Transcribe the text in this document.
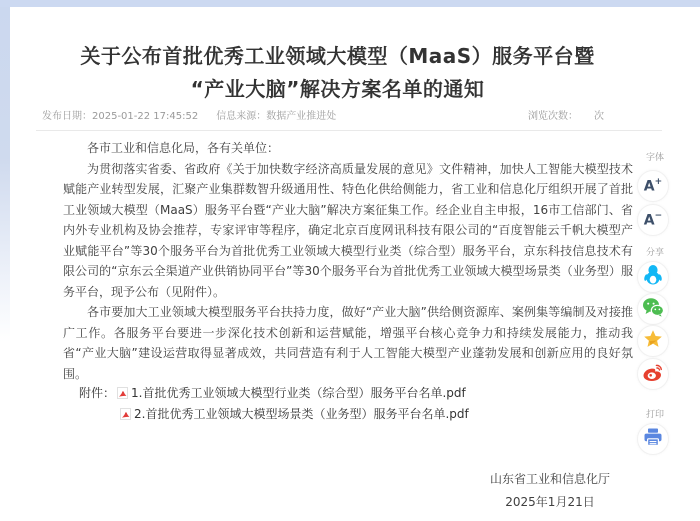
关于公布首批优秀工业领域大模型（MaaS）服务平台暨
“产业大脑”解决方案名单的通知
发布日期：2025-01-22 17:45:52 信息来源：数据产业推进处	浏览次数： 次

各市工业和信息化局，各有关单位：

为贯彻落实省委、省政府《关于加快数字经济高质量发展的意见》文件精神，加快人工智能大模型技术赋能产业转型发展，汇聚产业集群数智升级通用性、特色化供给侧能力，省工业和信息化厅组织开展了首批工业领域大模型（MaaS）服务平台暨“产业大脑”解决方案征集工作。经企业自主申报，16市工信部门、省内外专业机构及协会推荐，专家评审等程序，确定北京百度网讯科技有限公司的“百度智能云千帆大模型产业赋能平台”等30个服务平台为首批优秀工业领域大模型行业类（综合型）服务平台，京东科技信息技术有限公司的“京东云全渠道产业供销协同平台”等30个服务平台为首批优秀工业领域大模型场景类（业务型）服务平台，现予公布（见附件）。

各市要加大工业领域大模型服务平台扶持力度，做好“产业大脑”供给侧资源库、案例集等编制及对接推广工作。各服务平台要进一步深化技术创新和运营赋能，增强平台核心竞争力和持续发展能力，推动我省“产业大脑”建设运营取得显著成效，共同营造有利于人工智能大模型产业蓬勃发展和创新应用的良好氛围。

附件： 1.首批优秀工业领域大模型行业类（综合型）服务平台名单.pdf
2.首批优秀工业领域大模型场景类（业务型）服务平台名单.pdf
山东省工业和信息化厅
2025年1月21日
字体
A+
A−
分享
打印
